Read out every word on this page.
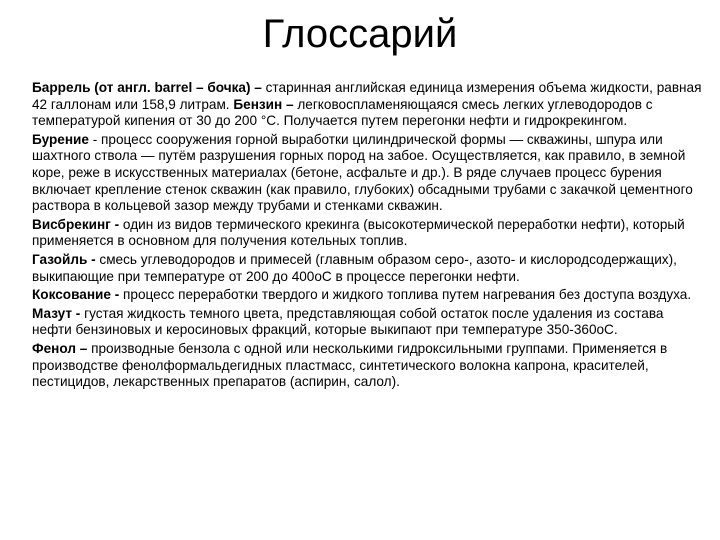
Глоссарий

Баррель (от англ. barrel – бочка) – старинная английская единица измерения объема жидкости, равная 42 галлонам или 158,9 литрам. Бензин – легковоспламеняющаяся смесь легких углеводородов с температурой кипения от 30 до 200 °С. Получается путем перегонки нефти и гидрокрекингом.

Бурение - процесс сооружения горной выработки цилиндрической формы — скважины, шпура или шахтного ствола — путём разрушения горных пород на забое. Осуществляется, как правило, в земной коре, реже в искусственных материалах (бетоне, асфальте и др.). В ряде случаев процесс бурения включает крепление стенок скважин (как правило, глубоких) обсадными трубами с закачкой цементного раствора в кольцевой зазор между трубами и стенками скважин.

Висбрекинг - один из видов термического крекинга (высокотермической переработки нефти), который применяется в основном для получения котельных топлив.

Газойль - смесь углеводородов и примесей (главным образом серо-, азото- и кислородсодержащих), выкипающие при температуре от 200 до 400оС в процессе перегонки нефти.

Коксование - процесс переработки твердого и жидкого топлива путем нагревания без доступа воздуха.

Мазут - густая жидкость темного цвета, представляющая собой остаток после удаления из состава нефти бензиновых и керосиновых фракций, которые выкипают при температуре 350-360оС.

Фенол – производные бензола с одной или несколькими гидроксильными группами. Применяется в производстве фенолформальдегидных пластмасс, синтетического волокна капрона, красителей, пестицидов, лекарственных препаратов (аспирин, салол).
